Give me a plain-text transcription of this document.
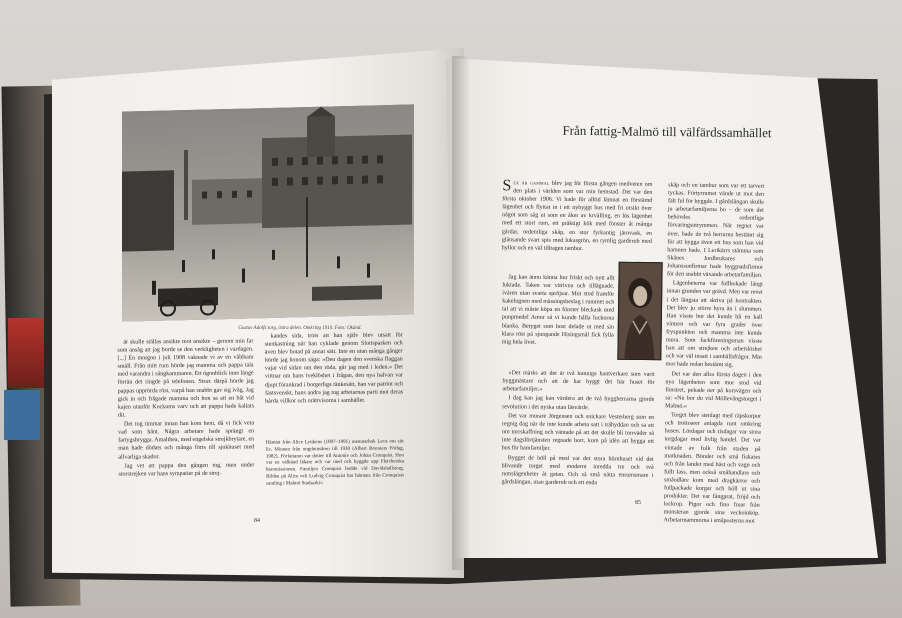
Gustav Adolfs torg, östra delen. Omkring 1910. Foto: Okänd.

är skulle ställas ansikte mot ansikte – genom min far som ansåg att jag borde se den verkligheten i vardagen. [...] En morgon i juli 1908 vaknade vi av en våldsam smäll. Från mitt rum hörde jag mamma och pappa tala med varandra i sängkammaren. Ett ögonblick inne länge förrän det ringde på telefonen. Strax därpå hörde jag pappas upprörda röst, varpå han snabbt gav sig iväg. Jag gick in och frågade mamma och hon sa att en båt vid kajen utanför Kockums varv och att pappa hade kallats dit.

Det tog timmar innan han kom hem, då vi fick veta vad som hänt. Några arbetare hade sprängt en fartygsbrygga. Amalthea, med engelska strejkbrytare, en man hade dödats och många förts till sjukhuset med allvarliga skador.

Jag vet att pappa den gången tog, men under storstrejken var hans sympatier på de strej-

kandes sida, trots att han själv blev utsatt för stenkastning när han cyklade genom Slottsparken och även blev hotad på annat sätt. Inte en utan många gånger hörde jag honom säga: »Den dagen den svenska flaggan vajar vid sidan om den röda, går jag med i leden.« Det vittnar om hans tveklöshet i frågan, den nya halvan var djupt förankrad i borgerliga tänkesätt, han var patriot och fästsvenskt, hans andra jag tog arbetarnas parti mot deras hårda villkor och orättvisorna i samhället.

Hämtat från Alice Lyttkens (1897–1991) memoarbok Leva om sitt liv. Minnen från ungdomsåren till 1930 (Albert Bonniers Förlag, 1982). Författaren var dotter till Antonie och Johan Cronquist. Hon var en välkänd läkare och var med och byggde upp Fletcherska barnmissionen. Familjen Cronquist bodde vid Davidshallstorg. Bilden på Alice och Ludvig Cronquist har hämtats från Cronquists samling i Malmö Stadsarkiv.

84
Från fattig-Malmö till välfärdssamhället

Sex år gammal blev jag för första gången medveten om den plats i världen som var min hemstad. Det var den första oktober 1906. Vi hade för alltid lämnat en förstämd lägenhet och flyttat in i ett nybyggt hus med fri utsikt över något som såg ut som en åker av krvälling, en lös lägenhet med ett stort rum, ett präktigt kök med fönster åt många gårdar, ordentliga skåp, en stor fyrkantig järnvask, en glänsande svart spis med lukasgrön, en rymlig garderob med hyllor och en väl tilltagen tambur.

Jag kan ännu känna hur friskt och nytt allt luktade. Taken var vitrivna och tillägnade, ivåren utan svarta spröjsar. Mot stod framför kakelugnen med mässingsbeslag i rummet och tal att vi måste köpa en fönster bleckask med punpmedel Amor så vi kunde hålla luckorna blanka. Betyget som bost delade ut med sin klara röst på sjungande Hisingsmål fick fylla mig hela livet.

»Det märks att det är två kunniga hantverkare som varit byggmästare och att de har byggt det här huset för arbetarfamiljer.«

I dag kan jag kan värdera att de två byggherrarna gjorde revolution i det nyska utan läsvärde.

Det var murare Jörgensen och snickare Vesterberg som en regnig dag när de inte kunde arbeta satt i trähyddan och sa att om torrskaffning och väntade på att det skulle bli torrväder så inte dagsförtjänsten regnade bort, kom på idén att bygga ett hus för hamfamiljer.

Bygget de höll på med var det stora hörnhuset vid det blivande torget med modernt inredda tre och två rumslägenheter åt gatan. Och så små nätta enrumsmare i gårdslängan, utan garderob och ett enda

skåp och en tambur som var ett tarvert tyckas. Förtyrrumet vände ut mot den fält ful för byggde. I gårdslängan skulle ju arbetarfamiljerna bo – de som det behövdes ordentliga förvaringsutrymmen. När regnet var över, hade de två herrarna bestämt sig för att bygga även ett hus som han vid hamnen hade. I Lerikärrs stämma som Skånes Jordbrukares och Johanssonfirmar hade byggnadsfirmor för den snabbt växande arbetarfamiljen.

Lägenheterna var fullbokade långt innan grunden var grävd. Men var revet i det längsta att skriva på kontrakten. Det blev ju större hyra än i slummen. Han visste hur det kunde bli en kall vintern och var fyra grader över fryspunkten och mamma inte kunde mura. Som fackföreningsman visste han att om strejken och arbetslöshet och var väl insatt i samhällsfrågor. Min mor hade redan bestämt sig.

Det var den allra första dagen i den nya lägenheten som mor stod vid fönstret, pekade ner på korsvägen och sa: »Nu bor du vid Möllevångstorget i Malmö.«

Torget blev stenlagt med räpskorpor och trottoarer anlagda runt omkring husen. Lördagar och tisdagar var stora torgdagar med livlig handel. Det var vintade av folk från staden på marknaden. Bönder och små fiskares och från landet med häst och vagn och fullt lass, men också småhandlare och småodlare kom med dragkärror och fullpackade korgar och höll ut sina produkter. Det var fångprat, fröjd och lockrop. Pigor och fina fruar från munsteran gjorde sina veckoinköp. Arbetarmammorna i småposterna mot

85
